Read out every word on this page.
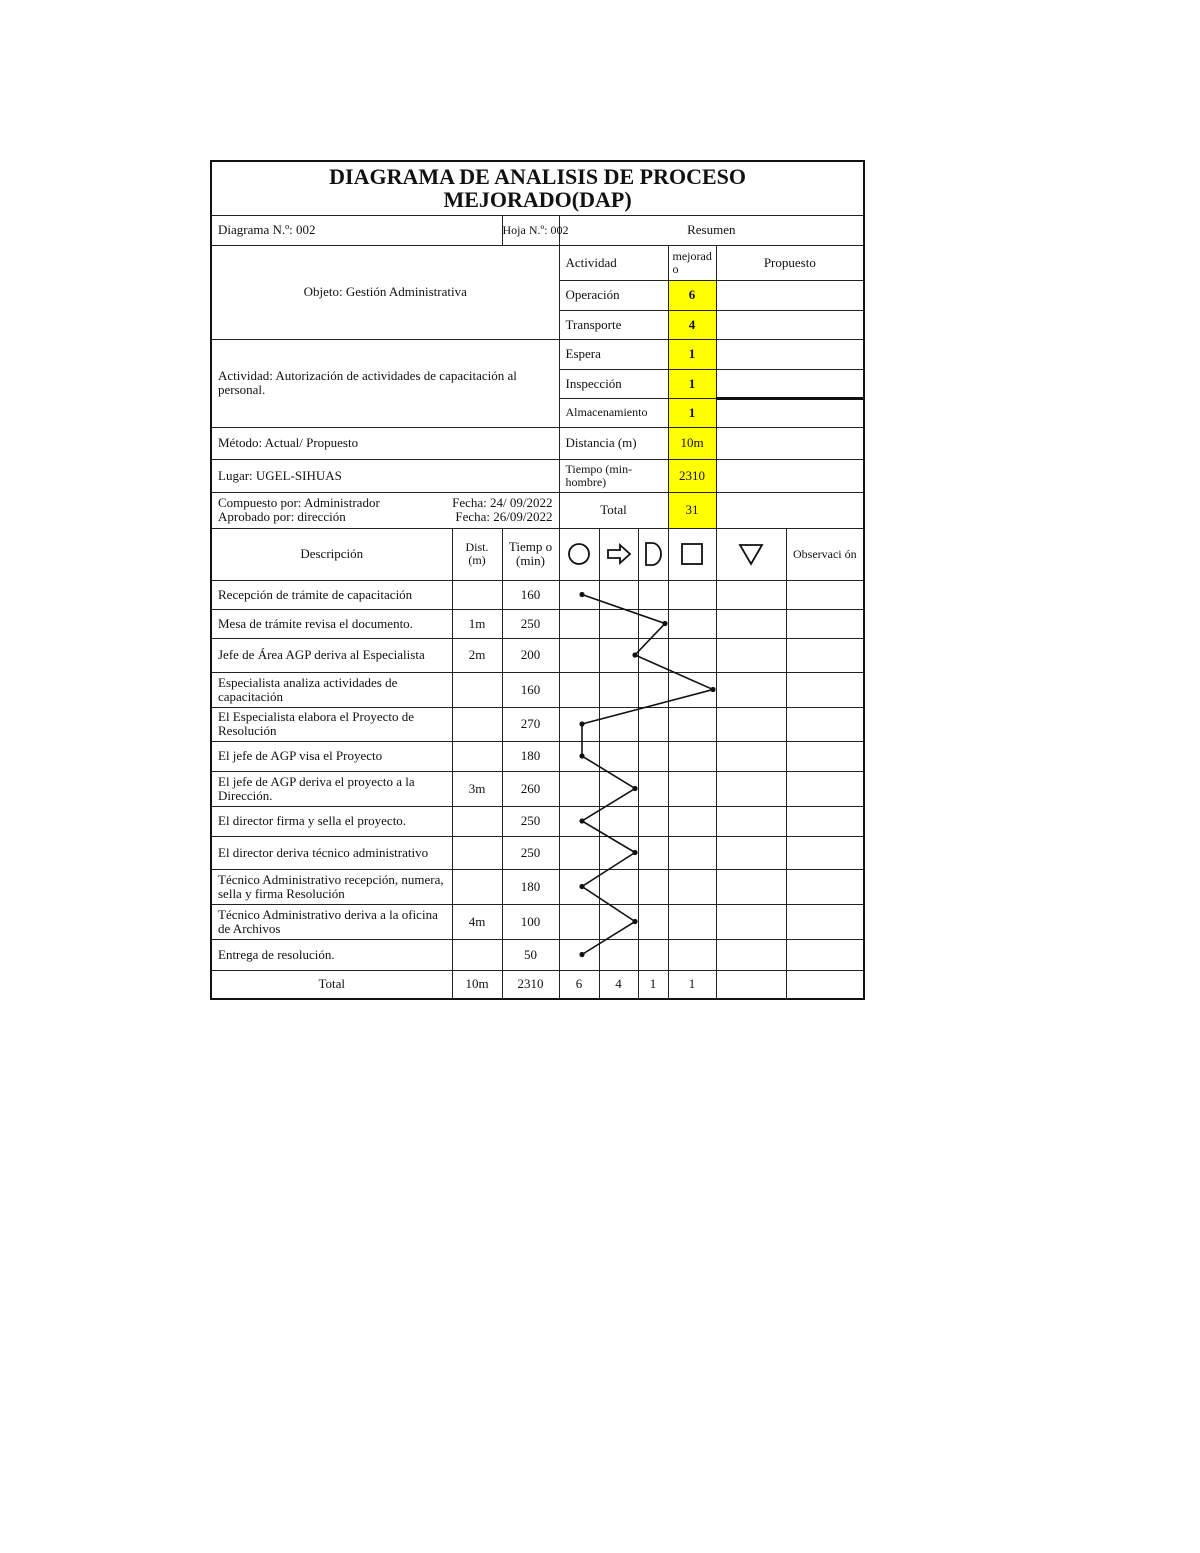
DIAGRAMA DE ANALISIS DE PROCESO
MEJORADO(DAP)								

Diagrama N.º: 002		Hoja N.º: 002	Resumen					
Objeto: Gestión Administrativa			Actividad			mejorad o	Propuesto	
			Operación			6		
			Transporte			4		
Actividad: Autorización de actividades de capacitación al personal.			Espera			1		
			Inspección			1		
			Almacenamiento			1		
Método: Actual/ Propuesto			Distancia (m)			10m		
Lugar: UGEL-SIHUAS			Tiempo (min-hombre)			2310		

Compuesto por: Administrador Fecha: 24/ 09/2022
Aprobado por: dirección Fecha: 26/09/2022			Total			31		
Descripción	Dist. (m)	Tiemp o (min)						Observaci ón
Recepción de trámite de capacitación		160						
Mesa de trámite revisa el documento.	1m	250						
Jefe de Área AGP deriva al Especialista	2m	200						
Especialista analiza actividades de capacitación		160						
El Especialista elabora el Proyecto de Resolución		270						
El jefe de AGP visa el Proyecto		180						
El jefe de AGP deriva el proyecto a la Dirección.	3m	260						
El director firma y sella el proyecto.		250						
El director deriva técnico administrativo		250						
Técnico Administrativo recepción, numera, sella y firma Resolución		180						
Técnico Administrativo deriva a la oficina de Archivos	4m	100						
Entrega de resolución.		50						
Total	10m	2310	6	4	1	1		
